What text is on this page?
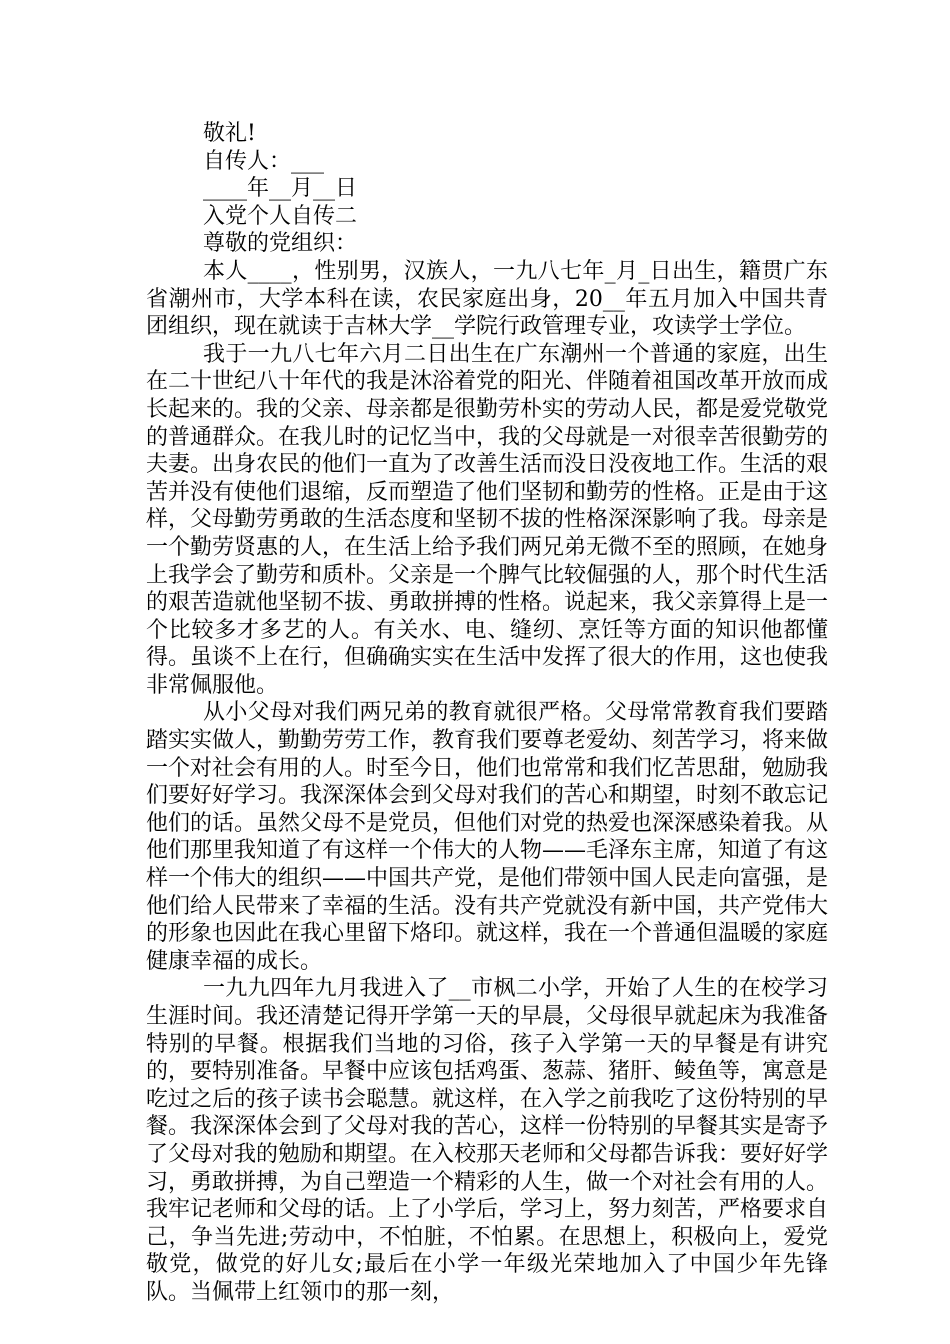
敬礼!
自传人：___
____年__月__日
入党个人自传二
尊敬的党组织：

本人____，性别男，汉族人，一九八七年_月_日出生，籍贯广东省潮州市，大学本科在读，农民家庭出身，20__年五月加入中国共青团组织，现在就读于吉林大学__学院行政管理专业，攻读学士学位。

我于一九八七年六月二日出生在广东潮州一个普通的家庭，出生在二十世纪八十年代的我是沐浴着党的阳光、伴随着祖国改革开放而成长起来的。我的父亲、母亲都是很勤劳朴实的劳动人民，都是爱党敬党的普通群众。在我儿时的记忆当中，我的父母就是一对很幸苦很勤劳的夫妻。出身农民的他们一直为了改善生活而没日没夜地工作。生活的艰苦并没有使他们退缩，反而塑造了他们坚韧和勤劳的性格。正是由于这样，父母勤劳勇敢的生活态度和坚韧不拔的性格深深影响了我。母亲是一个勤劳贤惠的人，在生活上给予我们两兄弟无微不至的照顾，在她身上我学会了勤劳和质朴。父亲是一个脾气比较倔强的人，那个时代生活的艰苦造就他坚韧不拔、勇敢拼搏的性格。说起来，我父亲算得上是一个比较多才多艺的人。有关水、电、缝纫、烹饪等方面的知识他都懂得。虽谈不上在行，但确确实实在生活中发挥了很大的作用，这也使我非常佩服他。

从小父母对我们两兄弟的教育就很严格。父母常常教育我们要踏踏实实做人，勤勤劳劳工作，教育我们要尊老爱幼、刻苦学习，将来做一个对社会有用的人。时至今日，他们也常常和我们忆苦思甜，勉励我们要好好学习。我深深体会到父母对我们的苦心和期望，时刻不敢忘记他们的话。虽然父母不是党员，但他们对党的热爱也深深感染着我。从他们那里我知道了有这样一个伟大的人物——毛泽东主席，知道了有这样一个伟大的组织——中国共产党，是他们带领中国人民走向富强，是他们给人民带来了幸福的生活。没有共产党就没有新中国，共产党伟大的形象也因此在我心里留下烙印。就这样，我在一个普通但温暖的家庭健康幸福的成长。

一九九四年九月我进入了__市枫二小学，开始了人生的在校学习生涯时间。我还清楚记得开学第一天的早晨，父母很早就起床为我准备特别的早餐。根据我们当地的习俗，孩子入学第一天的早餐是有讲究的，要特别准备。早餐中应该包括鸡蛋、葱蒜、猪肝、鲮鱼等，寓意是吃过之后的孩子读书会聪慧。就这样，在入学之前我吃了这份特别的早餐。我深深体会到了父母对我的苦心，这样一份特别的早餐其实是寄予了父母对我的勉励和期望。在入校那天老师和父母都告诉我：要好好学习，勇敢拼搏，为自己塑造一个精彩的人生，做一个对社会有用的人。我牢记老师和父母的话。上了小学后，学习上，努力刻苦，严格要求自己，争当先进;劳动中，不怕脏，不怕累。在思想上，积极向上，爱党敬党，做党的好儿女;最后在小学一年级光荣地加入了中国少年先锋队。当佩带上红领巾的那一刻，
